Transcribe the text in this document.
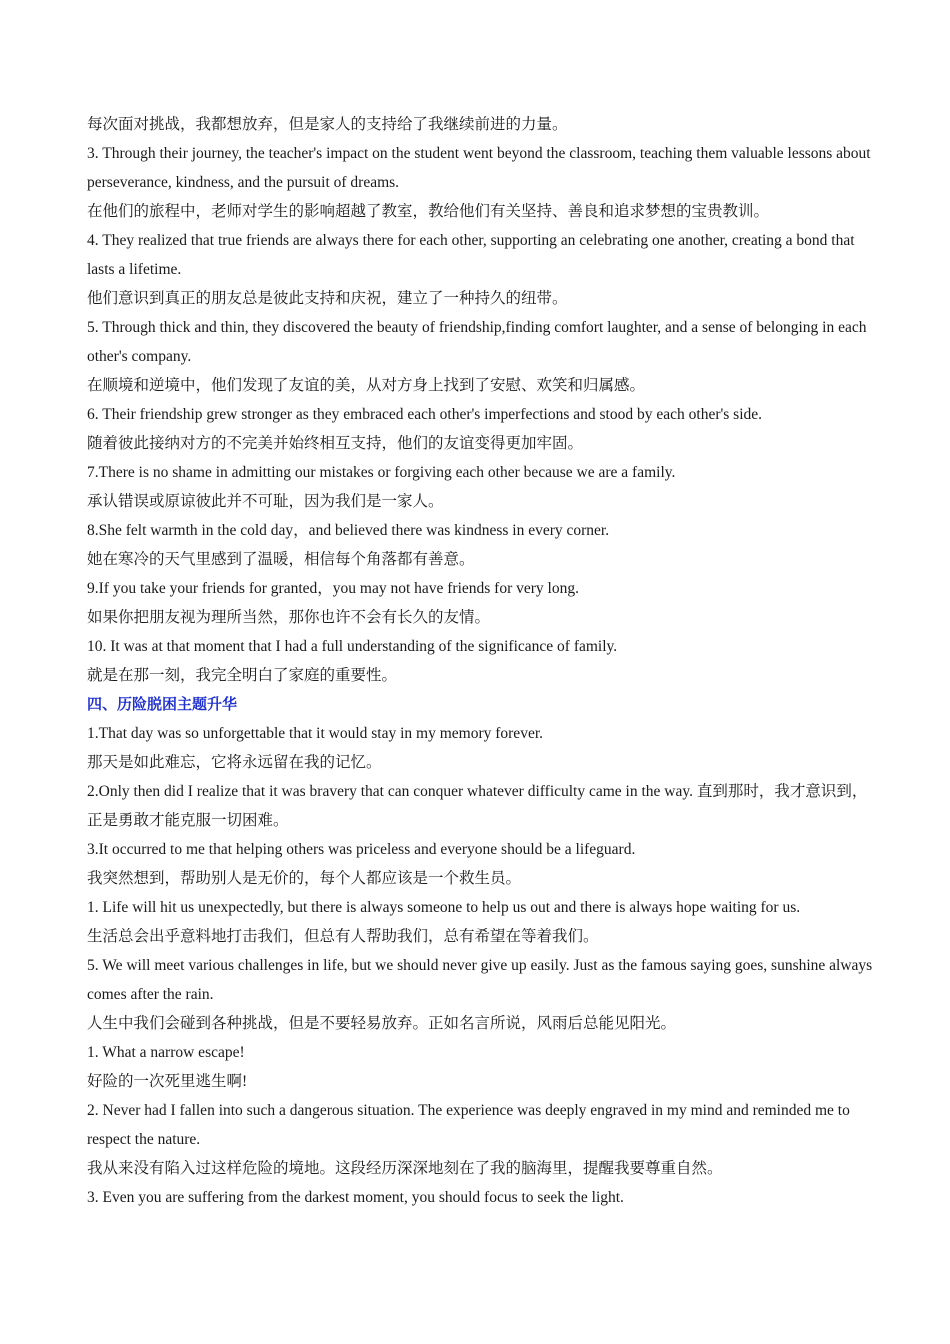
每次面对挑战，我都想放弃，但是家人的支持给了我继续前进的力量。

3. Through their journey, the teacher's impact on the student went beyond the classroom, teaching them valuable lessons about perseverance, kindness, and the pursuit of dreams.

在他们的旅程中，老师对学生的影响超越了教室，教给他们有关坚持、善良和追求梦想的宝贵教训。

4. They realized that true friends are always there for each other, supporting an celebrating one another, creating a bond that lasts a lifetime.

他们意识到真正的朋友总是彼此支持和庆祝，建立了一种持久的纽带。

5. Through thick and thin, they discovered the beauty of friendship,finding comfort laughter, and a sense of belonging in each other's company.

在顺境和逆境中，他们发现了友谊的美，从对方身上找到了安慰、欢笑和归属感。

6. Their friendship grew stronger as they embraced each other's imperfections and stood by each other's side.

随着彼此接纳对方的不完美并始终相互支持，他们的友谊变得更加牢固。

7.There is no shame in admitting our mistakes or forgiving each other because we are a family.

承认错误或原谅彼此并不可耻，因为我们是一家人。

8.She felt warmth in the cold day，and believed there was kindness in every corner.

她在寒冷的天气里感到了温暖，相信每个角落都有善意。

9.If you take your friends for granted，you may not have friends for very long.

如果你把朋友视为理所当然，那你也许不会有长久的友情。

10. It was at that moment that I had a full understanding of the significance of family.

就是在那一刻，我完全明白了家庭的重要性。

四、历险脱困主题升华

1.That day was so unforgettable that it would stay in my memory forever.

那天是如此难忘，它将永远留在我的记忆。

2.Only then did I realize that it was bravery that can conquer whatever difficulty came in the way. 直到那时，我才意识到，正是勇敢才能克服一切困难。

3.It occurred to me that helping others was priceless and everyone should be a lifeguard.

我突然想到，帮助别人是无价的，每个人都应该是一个救生员。

1. Life will hit us unexpectedly, but there is always someone to help us out and there is always hope waiting for us.

生活总会出乎意料地打击我们，但总有人帮助我们，总有希望在等着我们。

5. We will meet various challenges in life, but we should never give up easily. Just as the famous saying goes, sunshine always comes after the rain.

人生中我们会碰到各种挑战，但是不要轻易放弃。正如名言所说，风雨后总能见阳光。

1. What a narrow escape!

好险的一次死里逃生啊!

2. Never had I fallen into such a dangerous situation. The experience was deeply engraved in my mind and reminded me to respect the nature.

我从来没有陷入过这样危险的境地。这段经历深深地刻在了我的脑海里，提醒我要尊重自然。

3. Even you are suffering from the darkest moment, you should focus to seek the light.
